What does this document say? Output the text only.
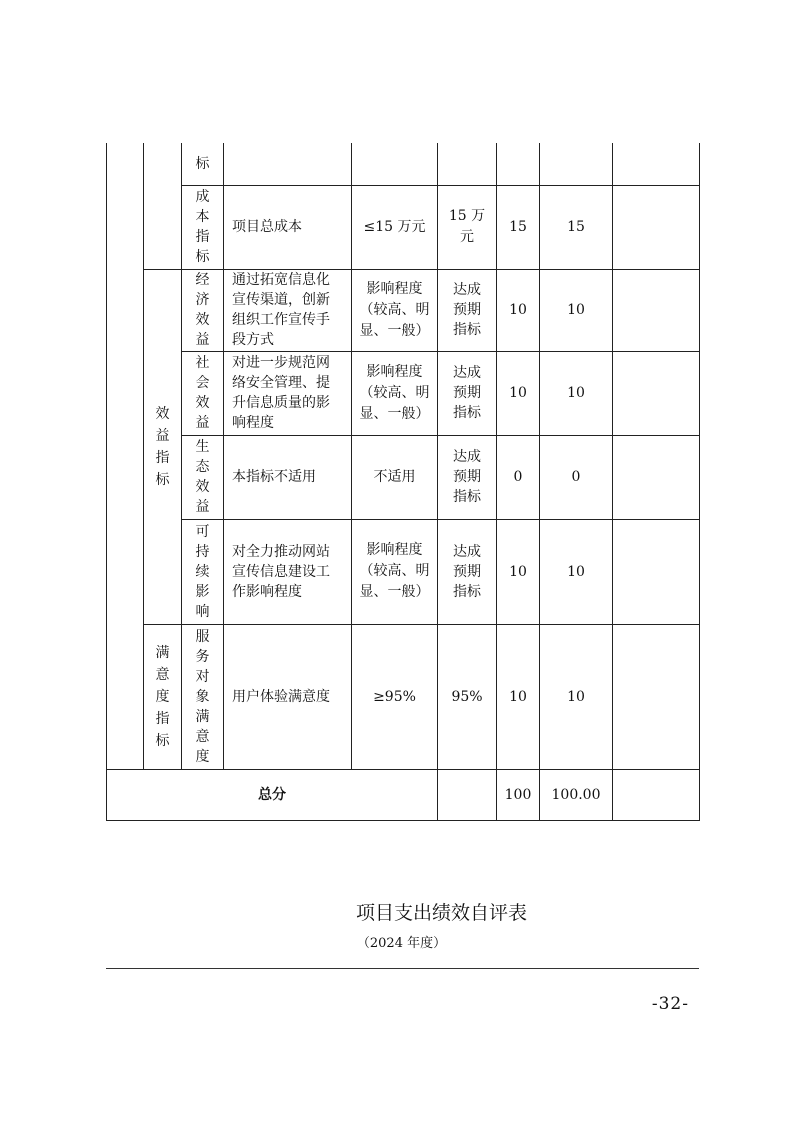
		标						

		成本指标	项目总成本	≤15 万元	15 万元	15	15	

	效益指标	经济效益	通过拓宽信息化宣传渠道，创新组织工作宣传手段方式	影响程度（较高、明显、一般）	达成预期指标	10	10	

		社会效益	对进一步规范网络安全管理、提升信息质量的影响程度	影响程度（较高、明显、一般）	达成预期指标	10	10	

		生态效益	本指标不适用	不适用	达成预期指标	0	0	

		可持续影响	对全力推动网站宣传信息建设工作影响程度	影响程度（较高、明显、一般）	达成预期指标	10	10	

	满意度指标	服务对象满意度	用户体验满意度	≥95%	95%	10	10	
总分						100	100.00	
项目支出绩效自评表
（2024 年度）
-32-
